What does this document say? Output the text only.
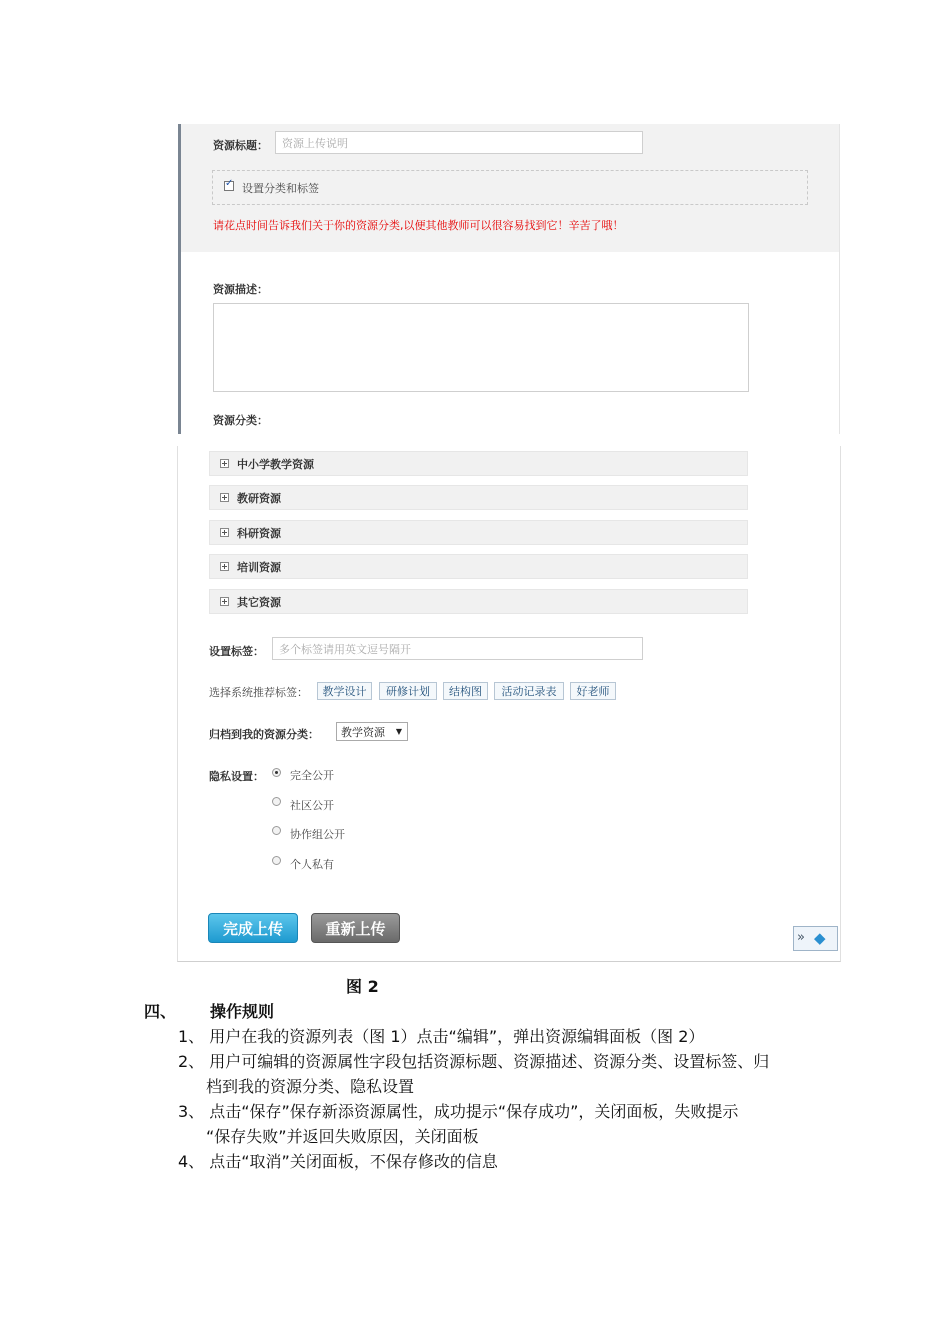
资源标题：	资源上传说明
✓ 设置分类和标签
请花点时间告诉我们关于你的资源分类,以便其他教师可以很容易找到它！辛苦了哦！
资源描述：
资源分类：
中小学教学资源
教研资源
科研资源
培训资源
其它资源
设置标签：	多个标签请用英文逗号隔开
选择系统推荐标签：	教学设计	研修计划	结构图	活动记录表	好老师
归档到我的资源分类： 教学资源 ▼
隐私设置： 完全公开
社区公开
协作组公开
个人私有
完成上传	重新上传	» ◆
图 2
四、 操作规则
1、 用户在我的资源列表（图 1）点击“编辑”，弹出资源编辑面板（图 2）
2、 用户可编辑的资源属性字段包括资源标题、资源描述、资源分类、设置标签、归
档到我的资源分类、隐私设置
3、 点击“保存”保存新添资源属性，成功提示“保存成功”，关闭面板，失败提示
“保存失败”并返回失败原因，关闭面板
4、 点击“取消”关闭面板，不保存修改的信息
